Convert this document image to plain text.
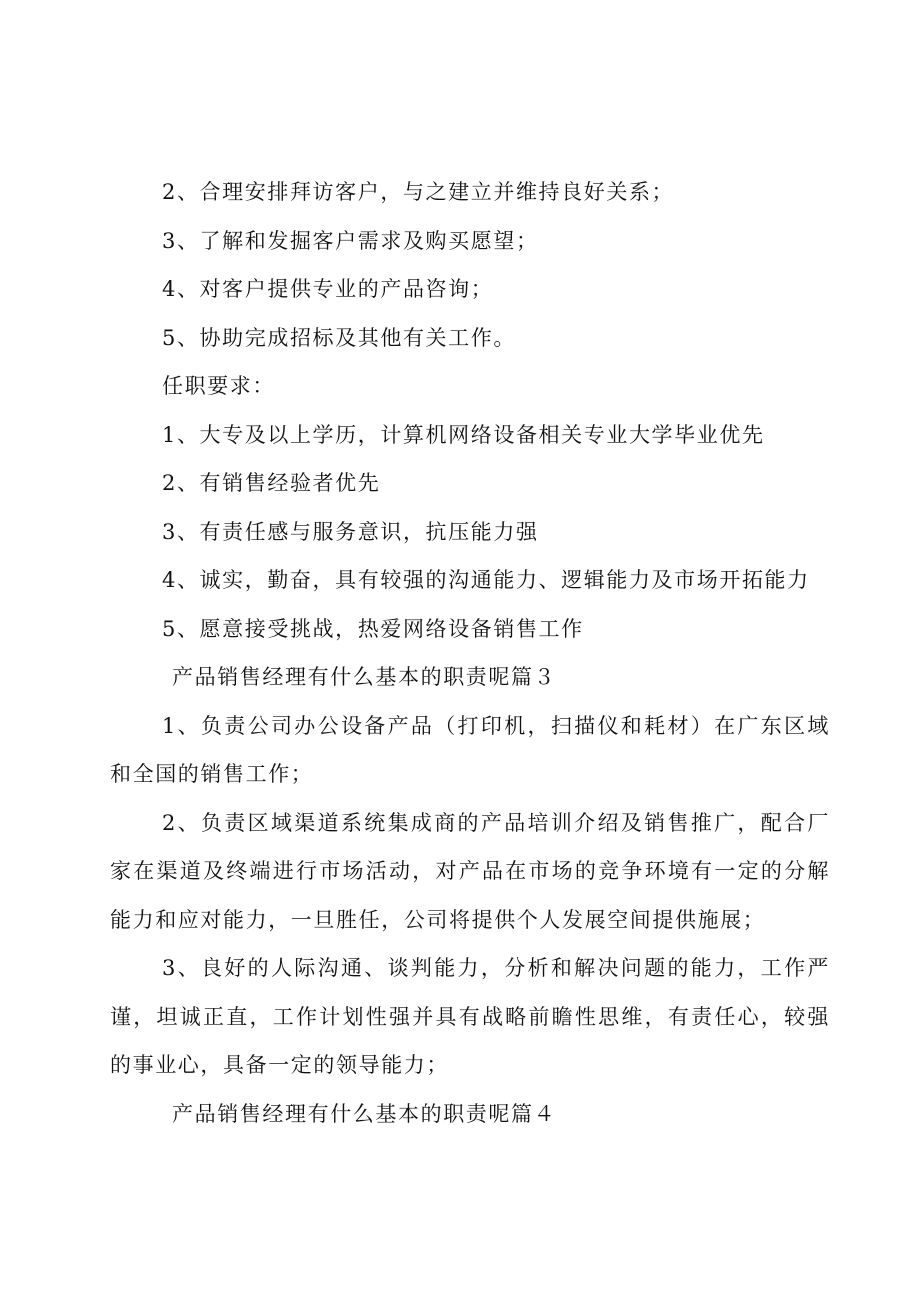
2、合理安排拜访客户，与之建立并维持良好关系；

3、了解和发掘客户需求及购买愿望；

4、对客户提供专业的产品咨询；

5、协助完成招标及其他有关工作。

任职要求：

1、大专及以上学历，计算机网络设备相关专业大学毕业优先

2、有销售经验者优先

3、有责任感与服务意识，抗压能力强

4、诚实，勤奋，具有较强的沟通能力、逻辑能力及市场开拓能力

5、愿意接受挑战，热爱网络设备销售工作

产品销售经理有什么基本的职责呢篇３

1、负责公司办公设备产品（打印机，扫描仪和耗材）在广东区域和全国的销售工作；

2、负责区域渠道系统集成商的产品培训介绍及销售推广，配合厂家在渠道及终端进行市场活动，对产品在市场的竞争环境有一定的分解能力和应对能力，一旦胜任，公司将提供个人发展空间提供施展；

3、良好的人际沟通、谈判能力，分析和解决问题的能力，工作严谨，坦诚正直，工作计划性强并具有战略前瞻性思维，有责任心，较强的事业心，具备一定的领导能力；

产品销售经理有什么基本的职责呢篇４
